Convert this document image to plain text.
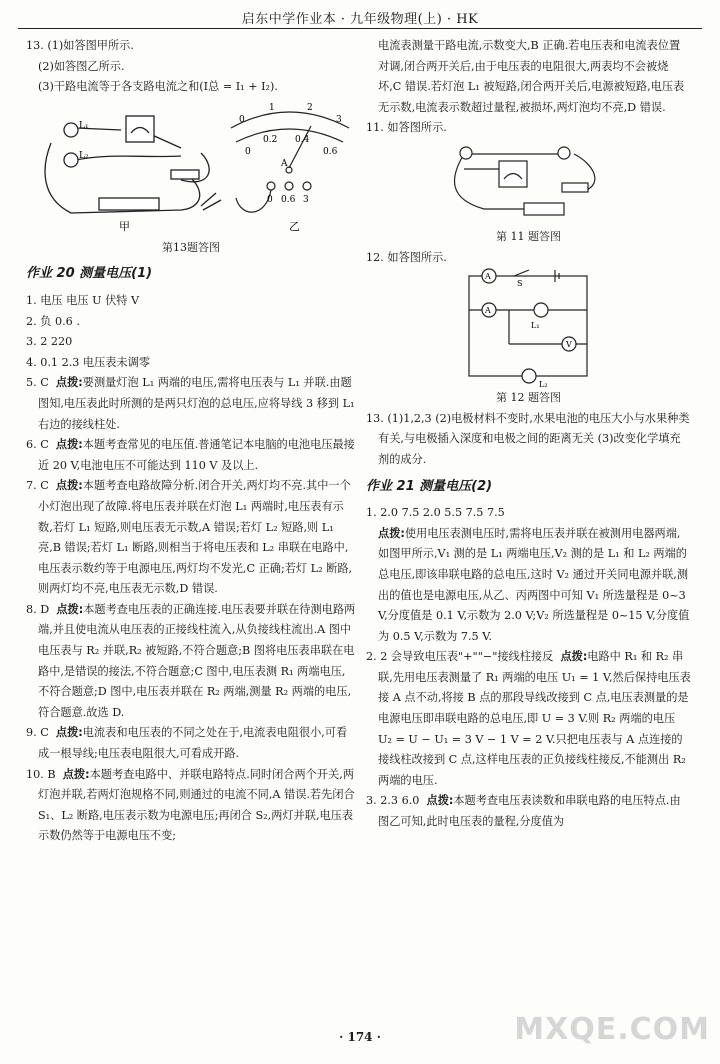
启东中学作业本 · 九年级物理(上) · HK

13. (1)如答图甲所示.

(2)如答图乙所示.

(3)干路电流等于各支路电流之和(I总 = I₁ + I₂).

L₁
L₂
甲
0
1	2
3
0
0.2 0.4
0.6
A
0 0.6 3
乙

第13题答图

作业 20 测量电压(1)

1. 电压 电压 U 伏特 V

2. 负 0.6 .

3. 2 220

4. 0.1 2.3 电压表未调零

5. C 点拨:要测量灯泡 L₁ 两端的电压,需将电压表与 L₁ 并联.由题图知,电压表此时所测的是两只灯泡的总电压,应将导线 3 移到 L₁ 右边的接线柱处.

6. C 点拨:本题考查常见的电压值.普通笔记本电脑的电池电压最接近 20 V,电池电压不可能达到 110 V 及以上.

7. C 点拨:本题考查电路故障分析.闭合开关,两灯均不亮.其中一个小灯泡出现了故障.将电压表并联在灯泡 L₁ 两端时,电压表有示数,若灯 L₁ 短路,则电压表无示数,A 错误;若灯 L₂ 短路,则 L₁ 亮,B 错误;若灯 L₁ 断路,则相当于将电压表和 L₂ 串联在电路中,电压表示数约等于电源电压,两灯均不发光,C 正确;若灯 L₂ 断路,则两灯均不亮,电压表无示数,D 错误.

8. D 点拨:本题考查电压表的正确连接.电压表要并联在待测电路两端,并且使电流从电压表的正接线柱流入,从负接线柱流出.A 图中电压表与 R₂ 并联,R₂ 被短路,不符合题意;B 图将电压表串联在电路中,是错误的接法,不符合题意;C 图中,电压表测 R₁ 两端电压,不符合题意;D 图中,电压表并联在 R₂ 两端,测量 R₂ 两端的电压,符合题意.故选 D.

9. C 点拨:电流表和电压表的不同之处在于,电流表电阻很小,可看成一根导线;电压表电阻很大,可看成开路.

10. B 点拨:本题考查电路中、并联电路特点.同时闭合两个开关,两灯泡并联,若两灯泡规格不同,则通过的电流不同,A 错误.若先闭合 S₁、L₂ 断路,电压表示数为电源电压;再闭合 S₂,两灯并联,电压表示数仍然等于电源电压不变;

电流表测量干路电流,示数变大,B 正确.若电压表和电流表位置对调,闭合两开关后,由于电压表的电阻很大,两表均不会被烧坏,C 错误.若灯泡 L₁ 被短路,闭合两开关后,电源被短路,电压表无示数,电流表示数超过量程,被损坏,两灯泡均不亮,D 错误.

11. 如答图所示.

第 11 题答图

12. 如答图所示.

A
S
A
L₁
V
L₂

第 12 题答图

13. (1)1,2,3 (2)电极材料不变时,水果电池的电压大小与水果种类有关,与电极插入深度和电极之间的距离无关 (3)改变化学填充剂的成分.

作业 21 测量电压(2)

1. 2.0 7.5 2.0 5.5 7.5 7.5

点拨:使用电压表测电压时,需将电压表并联在被测用电器两端,如图甲所示,V₁ 测的是 L₁ 两端电压,V₂ 测的是 L₁ 和 L₂ 两端的总电压,即该串联电路的总电压,这时 V₂ 通过开关同电源并联,测出的值也是电源电压,从乙、丙两图中可知 V₁ 所选量程是 0~3 V,分度值是 0.1 V,示数为 2.0 V;V₂ 所选量程是 0~15 V,分度值为 0.5 V,示数为 7.5 V.

2. 2 会导致电压表"+""−"接线柱接反 点拨:电路中 R₁ 和 R₂ 串联,先用电压表测量了 R₁ 两端的电压 U₁ = 1 V,然后保持电压表接 A 点不动,将接 B 点的那段导线改接到 C 点,电压表测量的是电源电压即串联电路的总电压,即 U = 3 V.则 R₂ 两端的电压 U₂ = U − U₁ = 3 V − 1 V = 2 V.只把电压表与 A 点连接的接线柱改接到 C 点,这样电压表的正负接线柱接反,不能测出 R₂ 两端的电压.

3. 2.3 6.0 点拨:本题考查电压表读数和串联电路的电压特点.由图乙可知,此时电压表的量程,分度值为

· 174 ·	MXQE.COM
